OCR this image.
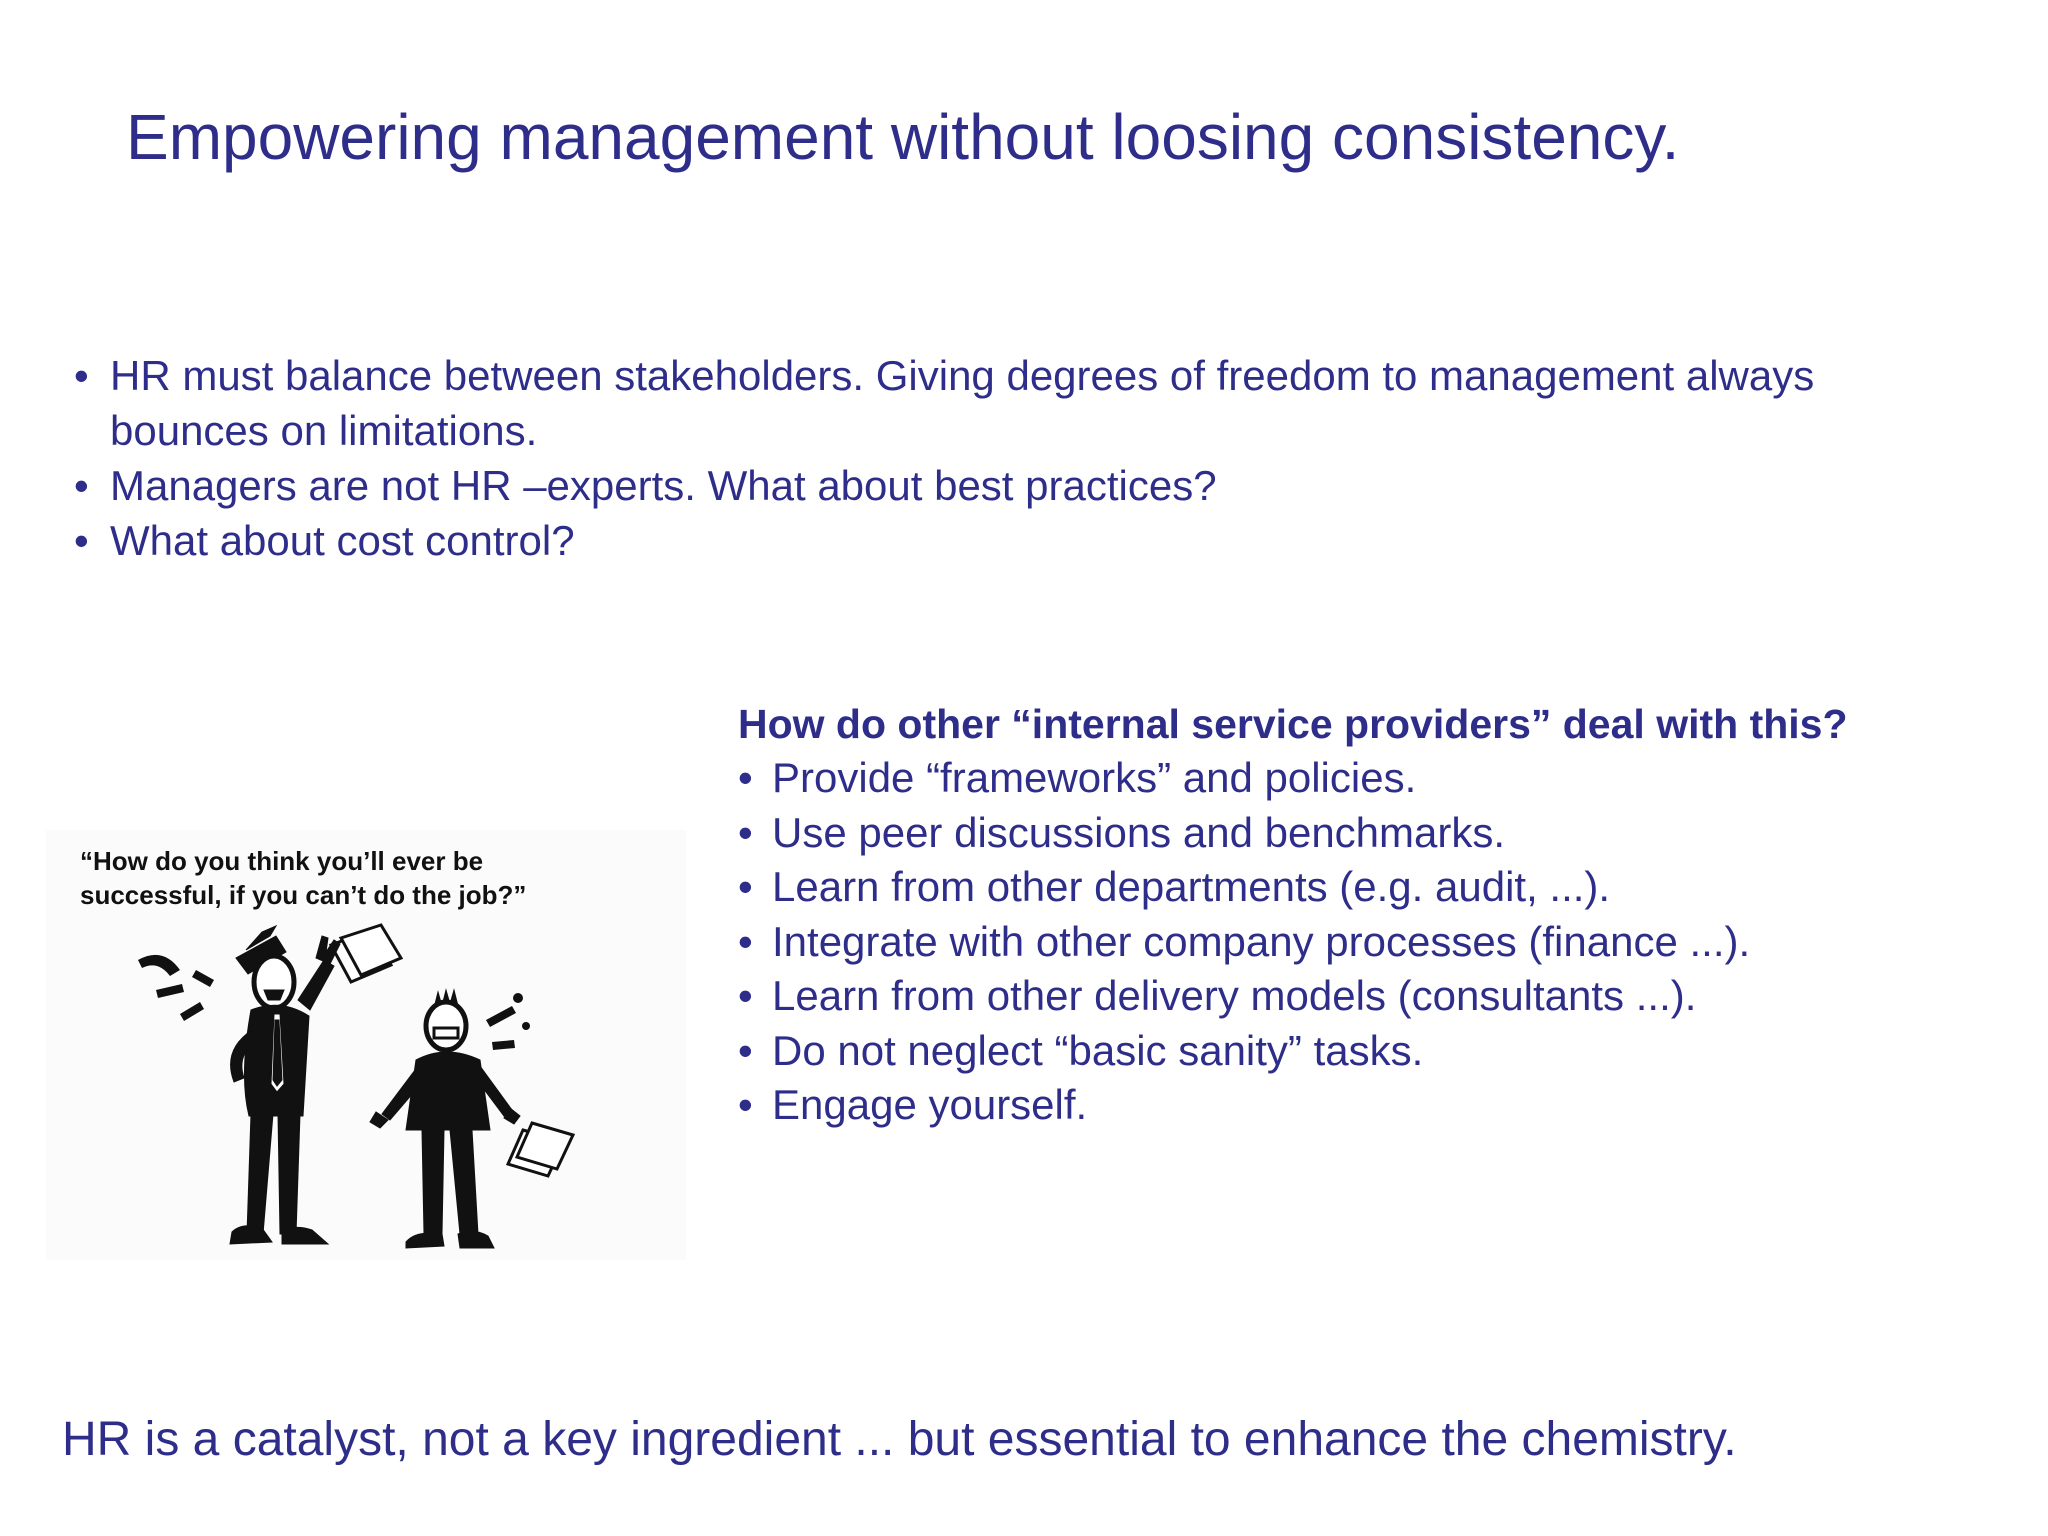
Empowering management without loosing consistency.
• HR must balance between stakeholders. Giving degrees of freedom to management always bounces on limitations.
• Managers are not HR –experts. What about best practices?
• What about cost control?
“How do you think you’ll ever be
successful, if you can’t do the job?”
How do other “internal service providers” deal with this?
• Provide “frameworks” and policies.
• Use peer discussions and benchmarks.
• Learn from other departments (e.g. audit, ...).
• Integrate with other company processes (finance ...).
• Learn from other delivery models (consultants ...).
• Do not neglect “basic sanity” tasks.
• Engage yourself.
HR is a catalyst, not a key ingredient ... but essential to enhance the chemistry.
